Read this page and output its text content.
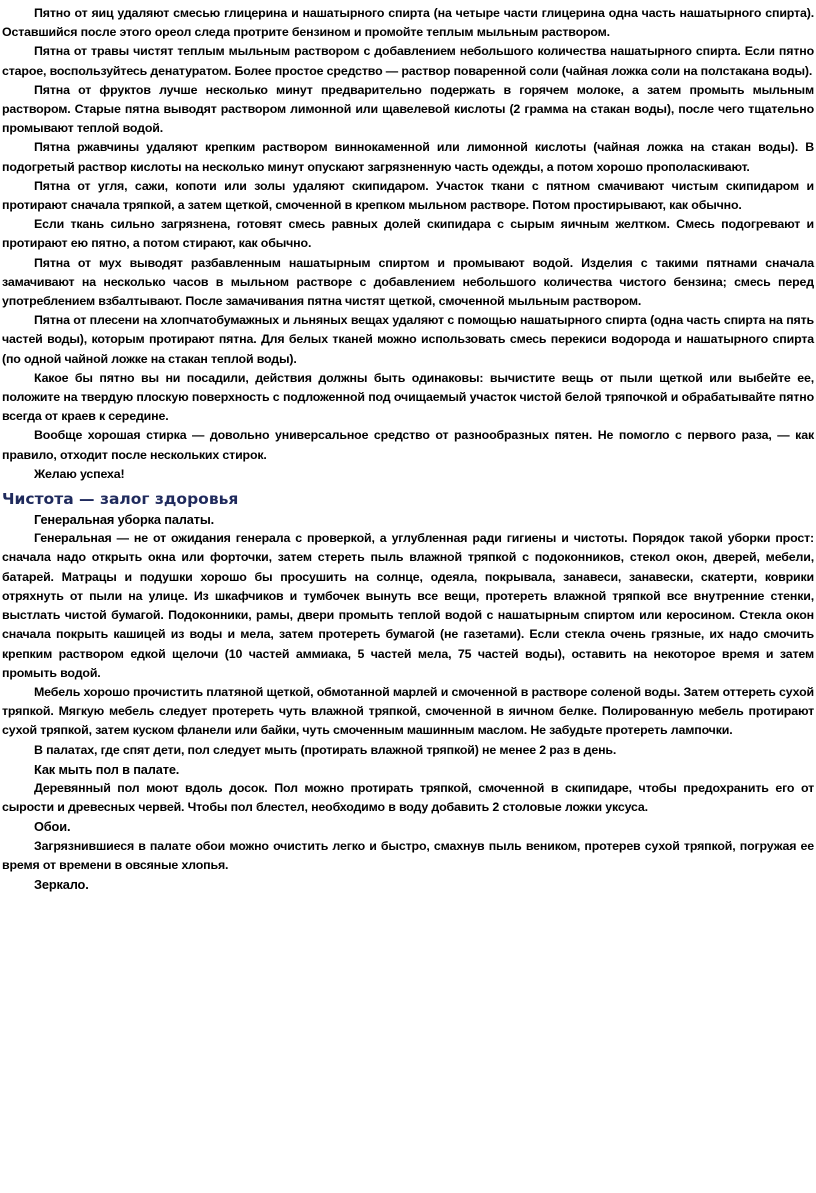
Пятно от яиц удаляют смесью глицерина и нашатырного спирта (на четыре части глицерина одна часть нашатырного спирта). Оставшийся после этого ореол следа протрите бензином и промойте теплым мыльным раствором.

Пятна от травы чистят теплым мыльным раствором с добавлением небольшого количества нашатырного спирта. Если пятно старое, воспользуйтесь денатуратом. Более простое средство — раствор поваренной соли (чайная ложка соли на полстакана воды).

Пятна от фруктов лучше несколько минут предварительно подержать в горячем молоке, а затем промыть мыльным раствором. Старые пятна выводят раствором лимонной или щавелевой кислоты (2 грамма на стакан воды), после чего тщательно промывают теплой водой.

Пятна ржавчины удаляют крепким раствором виннокаменной или лимонной кислоты (чайная ложка на стакан воды). В подогретый раствор кислоты на несколько минут опускают загрязненную часть одежды, а потом хорошо прополаскивают.

Пятна от угля, сажи, копоти или золы удаляют скипидаром. Участок ткани с пятном смачивают чистым скипидаром и протирают сначала тряпкой, а затем щеткой, смоченной в крепком мыльном растворе. Потом простирывают, как обычно.

Если ткань сильно загрязнена, готовят смесь равных долей скипидара с сырым яичным желтком. Смесь подогревают и протирают ею пятно, а потом стирают, как обычно.

Пятна от мух выводят разбавленным нашатырным спиртом и промывают водой. Изделия с такими пятнами сначала замачивают на несколько часов в мыльном растворе с добавлением небольшого количества чистого бензина; смесь перед употреблением взбалтывают. После замачивания пятна чистят щеткой, смоченной мыльным раствором.

Пятна от плесени на хлопчатобумажных и льняных вещах удаляют с помощью нашатырного спирта (одна часть спирта на пять частей воды), которым протирают пятна. Для белых тканей можно использовать смесь перекиси водорода и нашатырного спирта (по одной чайной ложке на стакан теплой воды).

Какое бы пятно вы ни посадили, действия должны быть одинаковы: вычистите вещь от пыли щеткой или выбейте ее, положите на твердую плоскую поверхность с подложенной под очищаемый участок чистой белой тряпочкой и обрабатывайте пятно всегда от краев к середине.

Вообще хорошая стирка — довольно универсальное средство от разнообразных пятен. Не помогло с первого раза, — как правило, отходит после нескольких стирок.

Желаю успеха!

Чистота — залог здоровья
Генеральная уборка палаты.

Генеральная — не от ожидания генерала с проверкой, а углубленная ради гигиены и чистоты. Порядок такой уборки прост: сначала надо открыть окна или форточки, затем стереть пыль влажной тряпкой с подоконников, стекол окон, дверей, мебели, батарей. Матрацы и подушки хорошо бы просушить на солнце, одеяла, покрывала, занавеси, занавески, скатерти, коврики отряхнуть от пыли на улице. Из шкафчиков и тумбочек вынуть все вещи, протереть влажной тряпкой все внутренние стенки, выстлать чистой бумагой. Подоконники, рамы, двери промыть теплой водой с нашатырным спиртом или керосином. Стекла окон сначала покрыть кашицей из воды и мела, затем протереть бумагой (не газетами). Если стекла очень грязные, их надо смочить крепким раствором едкой щелочи (10 частей аммиака, 5 частей мела, 75 частей воды), оставить на некоторое время и затем промыть водой.

Мебель хорошо прочистить платяной щеткой, обмотанной марлей и смоченной в растворе соленой воды. Затем оттереть сухой тряпкой. Мягкую мебель следует протереть чуть влажной тряпкой, смоченной в яичном белке. Полированную мебель протирают сухой тряпкой, затем куском фланели или байки, чуть смоченным машинным маслом. Не забудьте протереть лампочки.

В палатах, где спят дети, пол следует мыть (протирать влажной тряпкой) не менее 2 раз в день.

Как мыть пол в палате.

Деревянный пол моют вдоль досок. Пол можно протирать тряпкой, смоченной в скипидаре, чтобы предохранить его от сырости и древесных червей. Чтобы пол блестел, необходимо в воду добавить 2 столовые ложки уксуса.

Обои.

Загрязнившиеся в палате обои можно очистить легко и быстро, смахнув пыль веником, протерев сухой тряпкой, погружая ее время от времени в овсяные хлопья.

Зеркало.
